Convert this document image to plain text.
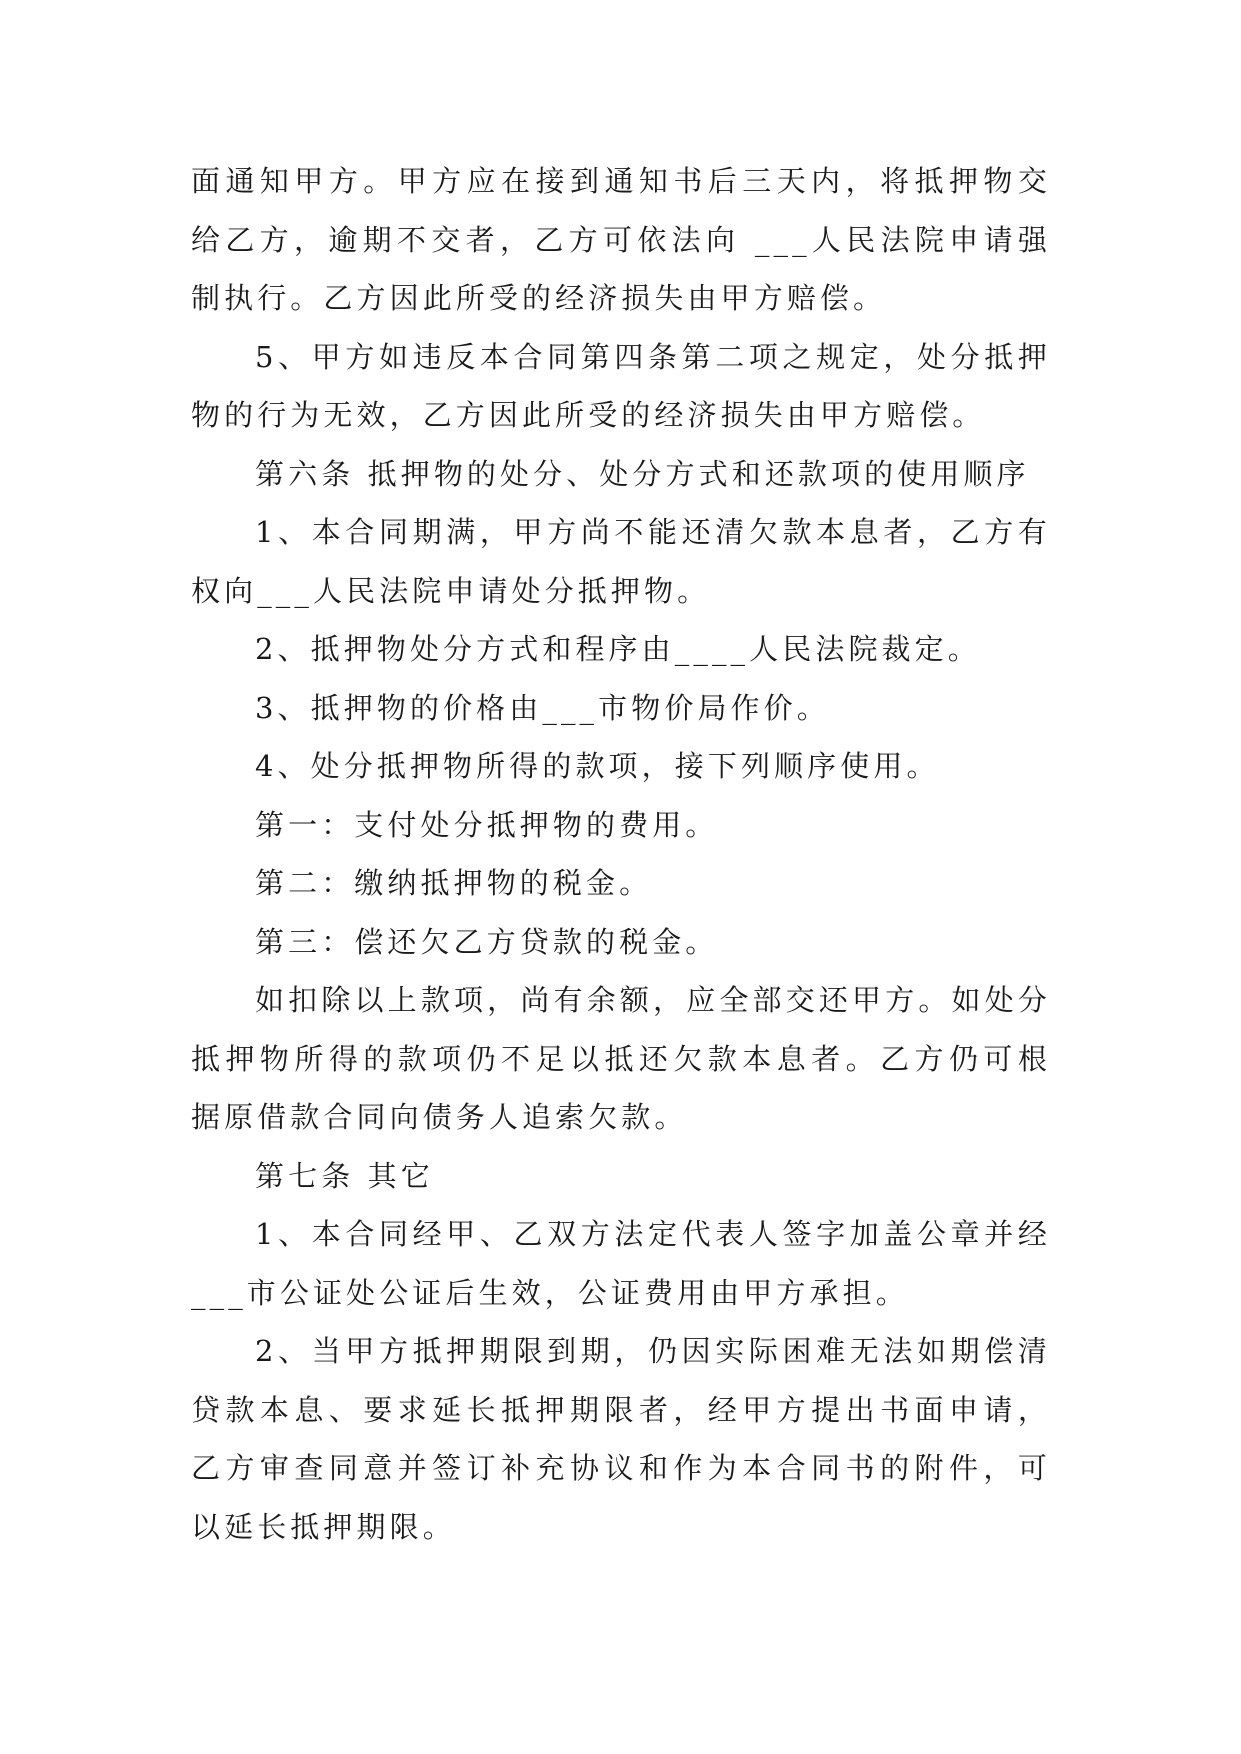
面通知甲方。甲方应在接到通知书后三天内，将抵押物交给乙方，逾期不交者，乙方可依法向 ___人民法院申请强制执行。乙方因此所受的经济损失由甲方赔偿。

5、甲方如违反本合同第四条第二项之规定，处分抵押物的行为无效，乙方因此所受的经济损失由甲方赔偿。

第六条 抵押物的处分、处分方式和还款项的使用顺序

1、本合同期满，甲方尚不能还清欠款本息者，乙方有权向___人民法院申请处分抵押物。

2、抵押物处分方式和程序由____人民法院裁定。

3、抵押物的价格由___市物价局作价。

4、处分抵押物所得的款项，接下列顺序使用。

第一：支付处分抵押物的费用。

第二：缴纳抵押物的税金。

第三：偿还欠乙方贷款的税金。

如扣除以上款项，尚有余额，应全部交还甲方。如处分抵押物所得的款项仍不足以抵还欠款本息者。乙方仍可根据原借款合同向债务人追索欠款。

第七条 其它

1、本合同经甲、乙双方法定代表人签字加盖公章并经___市公证处公证后生效，公证费用由甲方承担。

2、当甲方抵押期限到期，仍因实际困难无法如期偿清贷款本息、要求延长抵押期限者，经甲方提出书面申请，乙方审查同意并签订补充协议和作为本合同书的附件，可以延长抵押期限。
